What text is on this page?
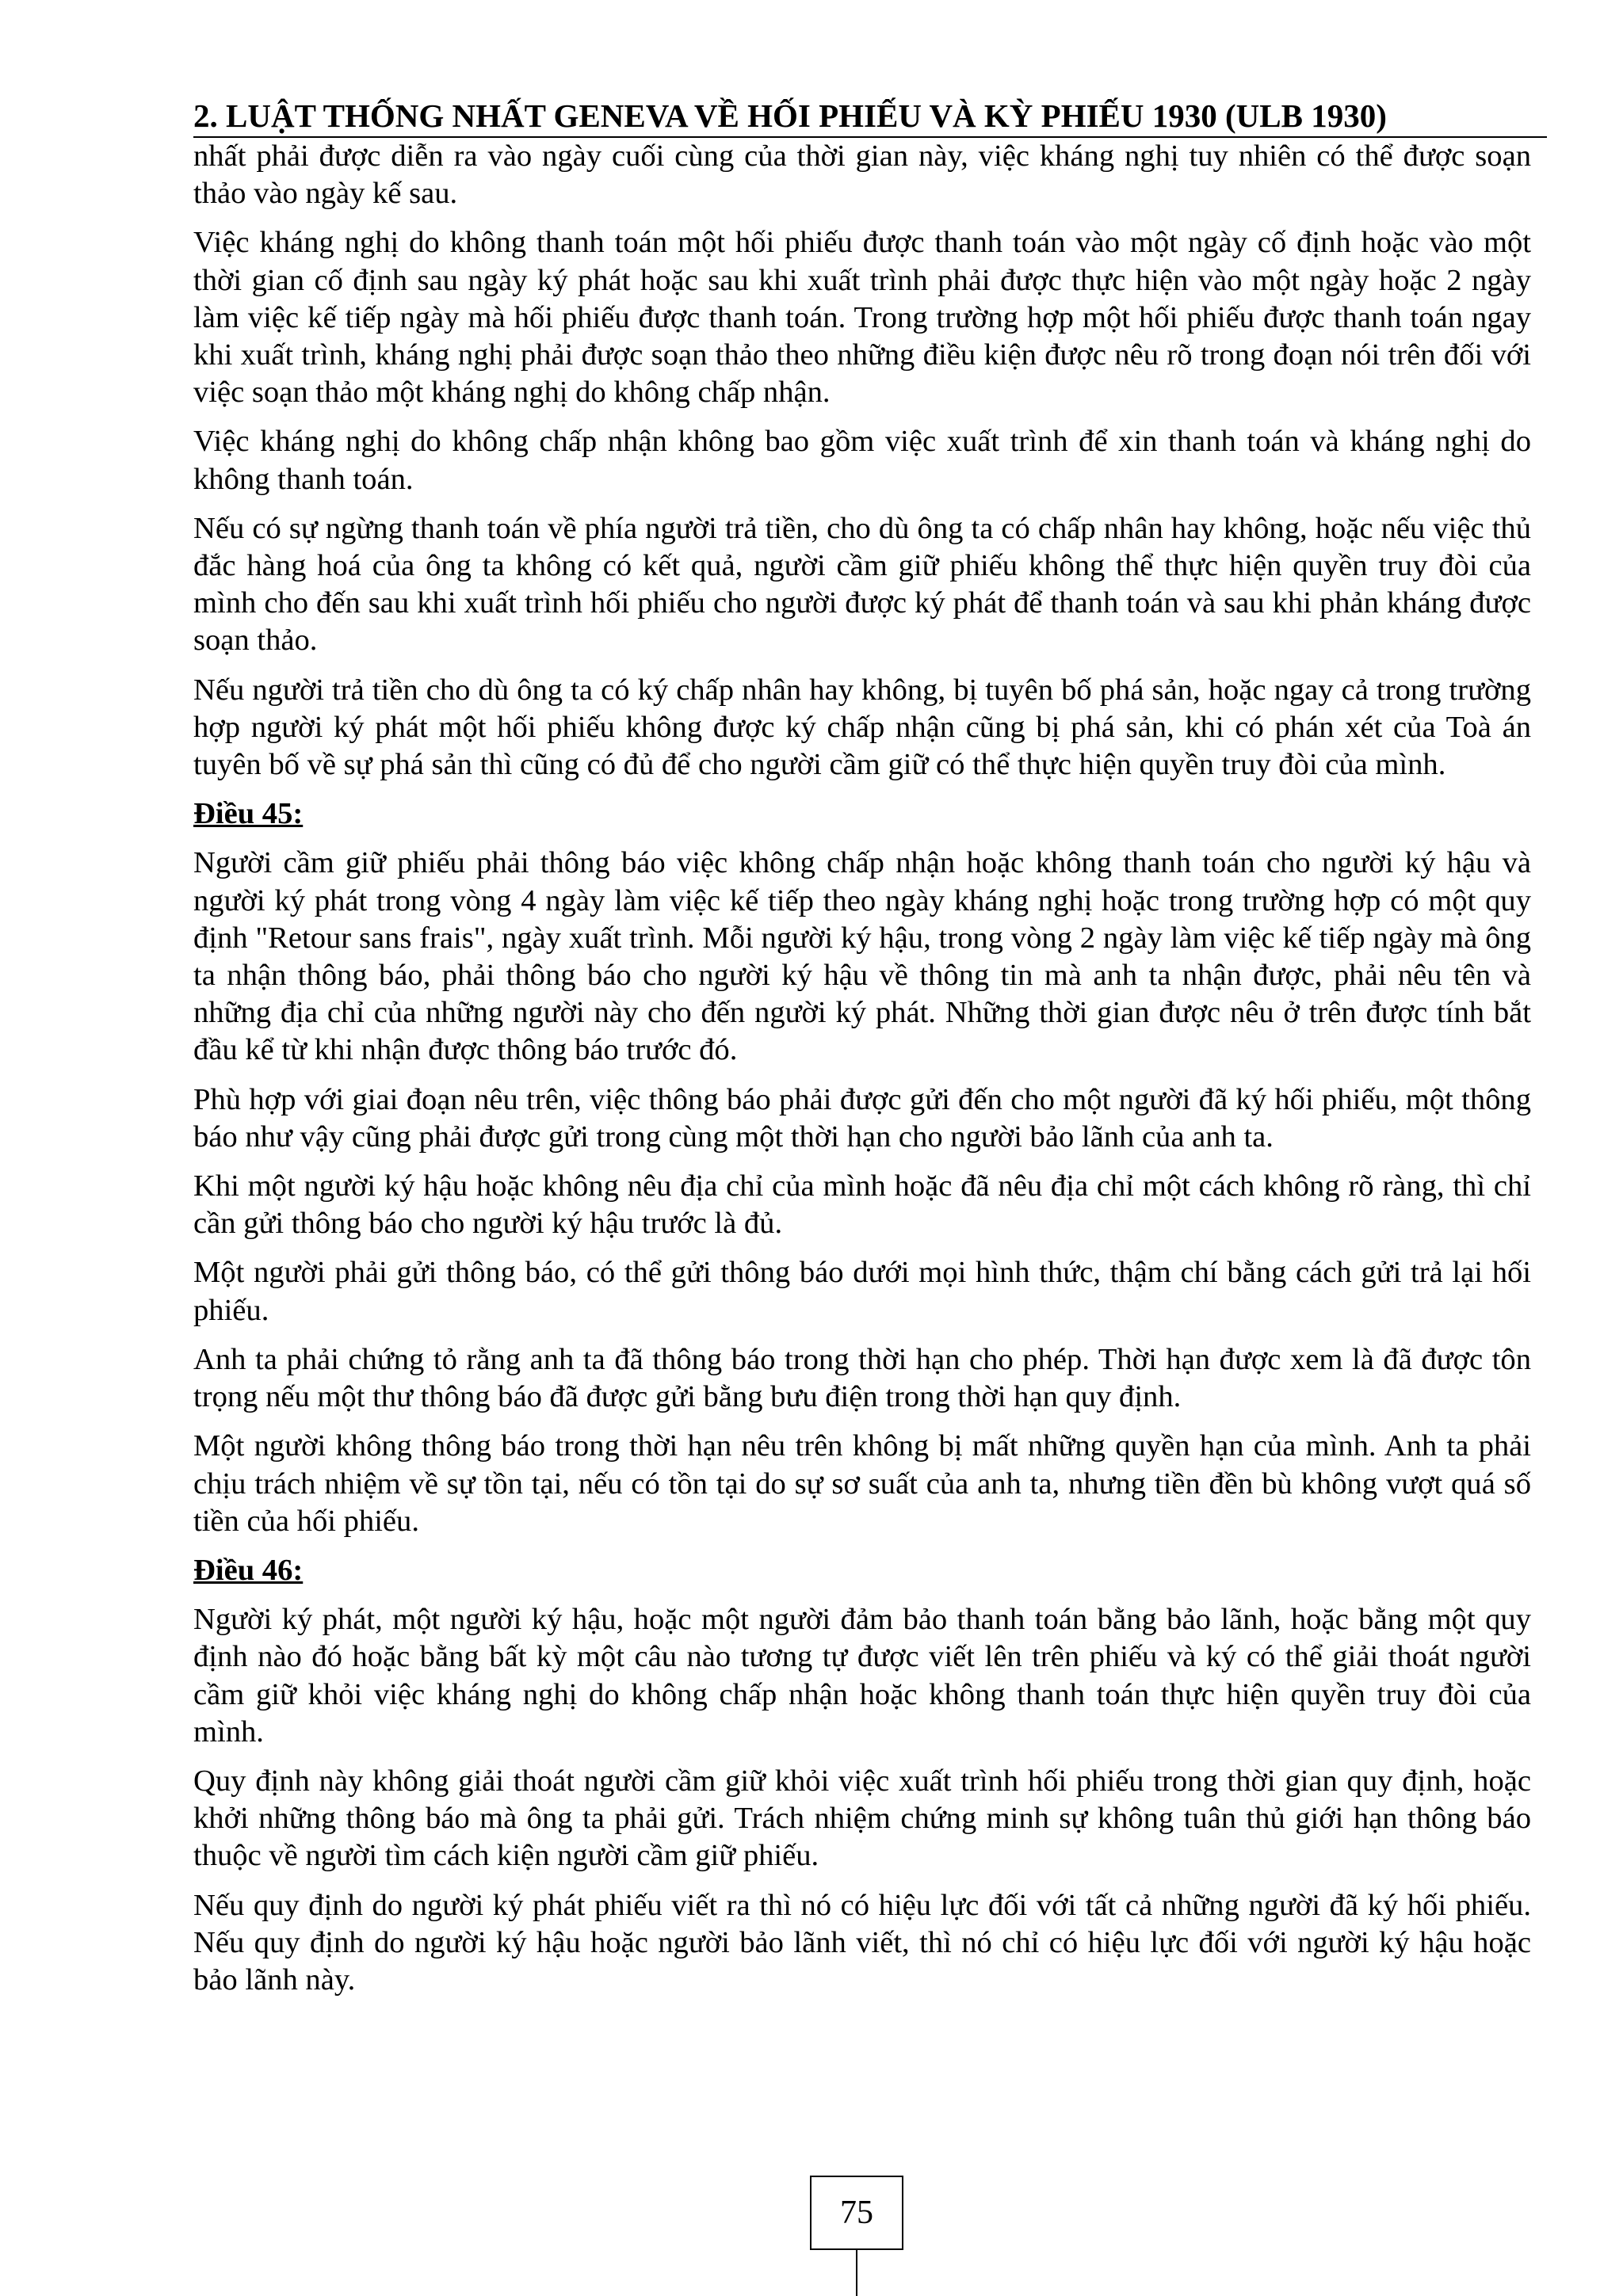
2. LUẬT THỐNG NHẤT GENEVA VỀ HỐI PHIẾU VÀ KỲ PHIẾU 1930 (ULB 1930)

nhất phải được diễn ra vào ngày cuối cùng của thời gian này, việc kháng nghị tuy nhiên có thể được soạn thảo vào ngày kế sau.

Việc kháng nghị do không thanh toán một hối phiếu được thanh toán vào một ngày cố định hoặc vào một thời gian cố định sau ngày ký phát hoặc sau khi xuất trình phải được thực hiện vào một ngày hoặc 2 ngày làm việc kế tiếp ngày mà hối phiếu được thanh toán. Trong trường hợp một hối phiếu được thanh toán ngay khi xuất trình, kháng nghị phải được soạn thảo theo những điều kiện được nêu rõ trong đoạn nói trên đối với việc soạn thảo một kháng nghị do không chấp nhận.

Việc kháng nghị do không chấp nhận không bao gồm việc xuất trình để xin thanh toán và kháng nghị do không thanh toán.

Nếu có sự ngừng thanh toán về phía người trả tiền, cho dù ông ta có chấp nhân hay không, hoặc nếu việc thủ đắc hàng hoá của ông ta không có kết quả, người cầm giữ phiếu không thể thực hiện quyền truy đòi của mình cho đến sau khi xuất trình hối phiếu cho người được ký phát để thanh toán và sau khi phản kháng được soạn thảo.

Nếu người trả tiền cho dù ông ta có ký chấp nhân hay không, bị tuyên bố phá sản, hoặc ngay cả trong trường hợp người ký phát một hối phiếu không được ký chấp nhận cũng bị phá sản, khi có phán xét của Toà án tuyên bố về sự phá sản thì cũng có đủ để cho người cầm giữ có thể thực hiện quyền truy đòi của mình.

Điều 45:

Người cầm giữ phiếu phải thông báo việc không chấp nhận hoặc không thanh toán cho người ký hậu và người ký phát trong vòng 4 ngày làm việc kế tiếp theo ngày kháng nghị hoặc trong trường hợp có một quy định "Retour sans frais", ngày xuất trình. Mỗi người ký hậu, trong vòng 2 ngày làm việc kế tiếp ngày mà ông ta nhận thông báo, phải thông báo cho người ký hậu về thông tin mà anh ta nhận được, phải nêu tên và những địa chỉ của những người này cho đến người ký phát. Những thời gian được nêu ở trên được tính bắt đầu kể từ khi nhận được thông báo trước đó.

Phù hợp với giai đoạn nêu trên, việc thông báo phải được gửi đến cho một người đã ký hối phiếu, một thông báo như vậy cũng phải được gửi trong cùng một thời hạn cho người bảo lãnh của anh ta.

Khi một người ký hậu hoặc không nêu địa chỉ của mình hoặc đã nêu địa chỉ một cách không rõ ràng, thì chỉ cần gửi thông báo cho người ký hậu trước là đủ.

Một người phải gửi thông báo, có thể gửi thông báo dưới mọi hình thức, thậm chí bằng cách gửi trả lại hối phiếu.

Anh ta phải chứng tỏ rằng anh ta đã thông báo trong thời hạn cho phép. Thời hạn được xem là đã được tôn trọng nếu một thư thông báo đã được gửi bằng bưu điện trong thời hạn quy định.

Một người không thông báo trong thời hạn nêu trên không bị mất những quyền hạn của mình. Anh ta phải chịu trách nhiệm về sự tồn tại, nếu có tồn tại do sự sơ suất của anh ta, nhưng tiền đền bù không vượt quá số tiền của hối phiếu.

Điều 46:

Người ký phát, một người ký hậu, hoặc một người đảm bảo thanh toán bằng bảo lãnh, hoặc bằng một quy định nào đó hoặc bằng bất kỳ một câu nào tương tự được viết lên trên phiếu và ký có thể giải thoát người cầm giữ khỏi việc kháng nghị do không chấp nhận hoặc không thanh toán thực hiện quyền truy đòi của mình.

Quy định này không giải thoát người cầm giữ khỏi việc xuất trình hối phiếu trong thời gian quy định, hoặc khởi những thông báo mà ông ta phải gửi. Trách nhiệm chứng minh sự không tuân thủ giới hạn thông báo thuộc về người tìm cách kiện người cầm giữ phiếu.

Nếu quy định do người ký phát phiếu viết ra thì nó có hiệu lực đối với tất cả những người đã ký hối phiếu. Nếu quy định do người ký hậu hoặc người bảo lãnh viết, thì nó chỉ có hiệu lực đối với người ký hậu hoặc bảo lãnh này.

75
